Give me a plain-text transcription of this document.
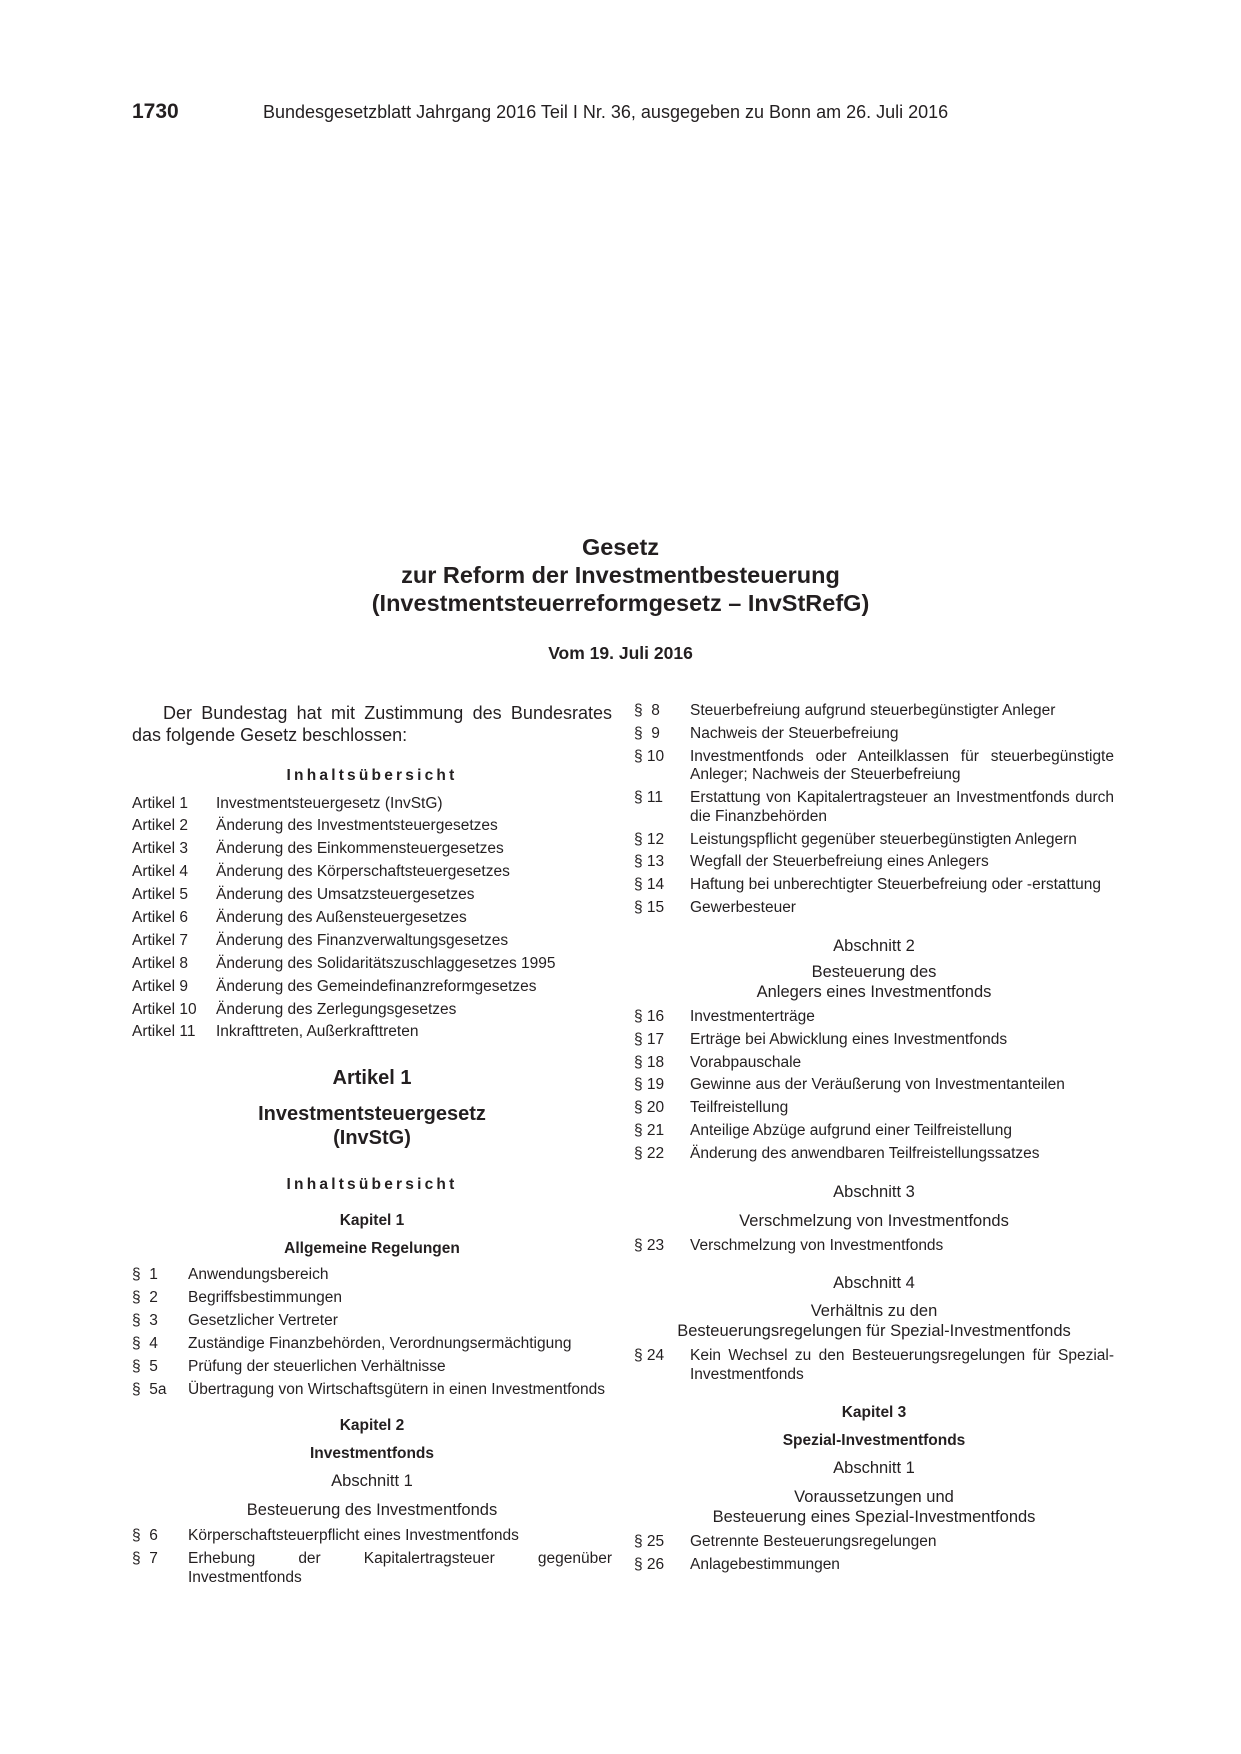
1730	Bundesgesetzblatt Jahrgang 2016 Teil I Nr. 36, ausgegeben zu Bonn am 26. Juli 2016
Gesetz
zur Reform der Investmentbesteuerung
(Investmentsteuerreformgesetz – InvStRefG)
Vom 19. Juli 2016
Der Bundestag hat mit Zustimmung des Bundesrates das folgende Gesetz beschlossen:
Inhaltsübersicht
Artikel 1	Investmentsteuergesetz (InvStG)
Artikel 2	Änderung des Investmentsteuergesetzes
Artikel 3	Änderung des Einkommensteuergesetzes
Artikel 4	Änderung des Körperschaftsteuergesetzes
Artikel 5	Änderung des Umsatzsteuergesetzes
Artikel 6	Änderung des Außensteuergesetzes
Artikel 7	Änderung des Finanzverwaltungsgesetzes
Artikel 8	Änderung des Solidaritätszuschlaggesetzes 1995
Artikel 9	Änderung des Gemeindefinanzreformgesetzes
Artikel 10	Änderung des Zerlegungsgesetzes
Artikel 11	Inkrafttreten, Außerkrafttreten
Artikel 1
Investmentsteuergesetz
(InvStG)
Inhaltsübersicht
Kapitel 1
Allgemeine Regelungen
§  1	Anwendungsbereich
§  2	Begriffsbestimmungen
§  3	Gesetzlicher Vertreter
§  4	Zuständige Finanzbehörden, Verordnungsermächtigung
§  5	Prüfung der steuerlichen Verhältnisse
§  5a	Übertragung von Wirtschaftsgütern in einen Investmentfonds
Kapitel 2
Investmentfonds
Abschnitt 1
Besteuerung des Investmentfonds
§  6	Körperschaftsteuerpflicht eines Investmentfonds
§  7	Erhebung der Kapitalertragsteuer gegenüber Investmentfonds
§  8	Steuerbefreiung aufgrund steuerbegünstigter Anleger
§  9	Nachweis der Steuerbefreiung
§ 10	Investmentfonds oder Anteilklassen für steuerbegünstigte Anleger; Nachweis der Steuerbefreiung
§ 11	Erstattung von Kapitalertragsteuer an Investmentfonds durch die Finanzbehörden
§ 12	Leistungspflicht gegenüber steuerbegünstigten Anlegern
§ 13	Wegfall der Steuerbefreiung eines Anlegers
§ 14	Haftung bei unberechtigter Steuerbefreiung oder -erstattung
§ 15	Gewerbesteuer
Abschnitt 2
Besteuerung des
Anlegers eines Investmentfonds
§ 16	Investmenterträge
§ 17	Erträge bei Abwicklung eines Investmentfonds
§ 18	Vorabpauschale
§ 19	Gewinne aus der Veräußerung von Investmentanteilen
§ 20	Teilfreistellung
§ 21	Anteilige Abzüge aufgrund einer Teilfreistellung
§ 22	Änderung des anwendbaren Teilfreistellungssatzes
Abschnitt 3
Verschmelzung von Investmentfonds
§ 23	Verschmelzung von Investmentfonds
Abschnitt 4
Verhältnis zu den
Besteuerungsregelungen für Spezial-Investmentfonds
§ 24	Kein Wechsel zu den Besteuerungsregelungen für Spezial-Investmentfonds
Kapitel 3
Spezial-Investmentfonds
Abschnitt 1
Voraussetzungen und
Besteuerung eines Spezial-Investmentfonds
§ 25	Getrennte Besteuerungsregelungen
§ 26	Anlagebestimmungen
